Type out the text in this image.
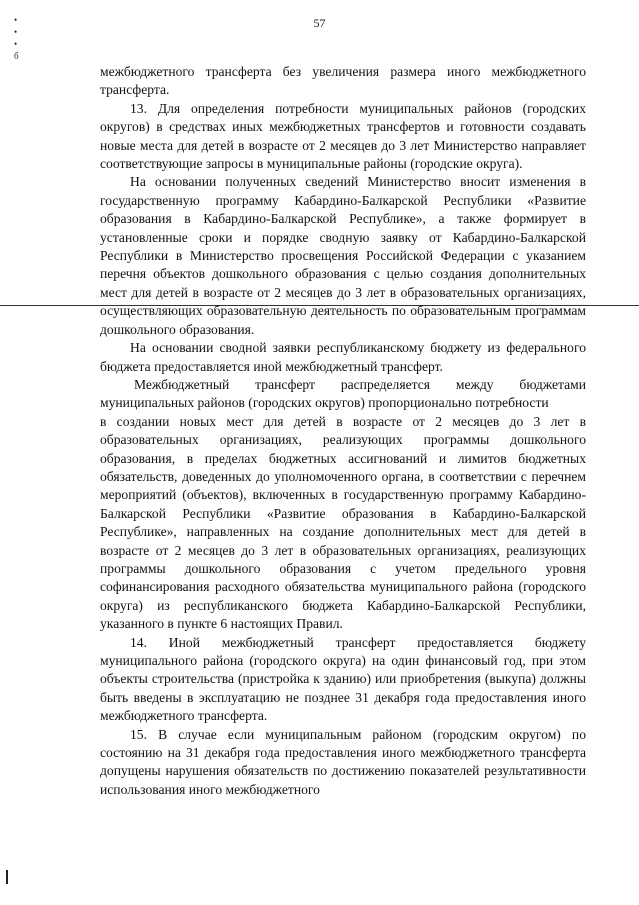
57
•
•
•
б

межбюджетного трансферта без увеличения размера иного межбюджетного трансферта.

13. Для определения потребности муниципальных районов (городских округов) в средствах иных межбюджетных трансфертов и готовности создавать новые места для детей в возрасте от 2 месяцев до 3 лет Министерство направляет соответствующие запросы в муниципальные районы (городские округа).

На основании полученных сведений Министерство вносит изменения в государственную программу Кабардино-Балкарской Республики «Развитие образования в Кабардино-Балкарской Республике», а также формирует в установленные сроки и порядке сводную заявку от Кабардино-Балкарской Республики в Министерство просвещения Российской Федерации с указанием перечня объектов дошкольного образования с целью создания дополнительных мест для детей в возрасте от 2 месяцев до 3 лет в образовательных организациях, осуществляющих образовательную деятельность по образовательным программам дошкольного образования.

На основании сводной заявки республиканскому бюджету из федерального бюджета предоставляется иной межбюджетный трансферт.

Межбюджетный трансферт распределяется между бюджетами муниципальных районов (городских округов) пропорционально потребности

в создании новых мест для детей в возрасте от 2 месяцев до 3 лет в образовательных организациях, реализующих программы дошкольного образования, в пределах бюджетных ассигнований и лимитов бюджетных обязательств, доведенных до уполномоченного органа, в соответствии с перечнем мероприятий (объектов), включенных в государственную программу Кабардино-Балкарской Республики «Развитие образования в Кабардино-Балкарской Республике», направленных на создание дополнительных мест для детей в возрасте от 2 месяцев до 3 лет в образовательных организациях, реализующих программы дошкольного образования с учетом предельного уровня софинансирования расходного обязательства муниципального района (городского округа) из республиканского бюджета Кабардино-Балкарской Республики, указанного в пункте 6 настоящих Правил.

14. Иной межбюджетный трансферт предоставляется бюджету муниципального района (городского округа) на один финансовый год, при этом объекты строительства (пристройка к зданию) или приобретения (выкупа) должны быть введены в эксплуатацию не позднее 31 декабря года предоставления иного межбюджетного трансферта.

15. В случае если муниципальным районом (городским округом) по состоянию на 31 декабря года предоставления иного межбюджетного трансферта допущены нарушения обязательств по достижению показателей результативности использования иного межбюджетного
